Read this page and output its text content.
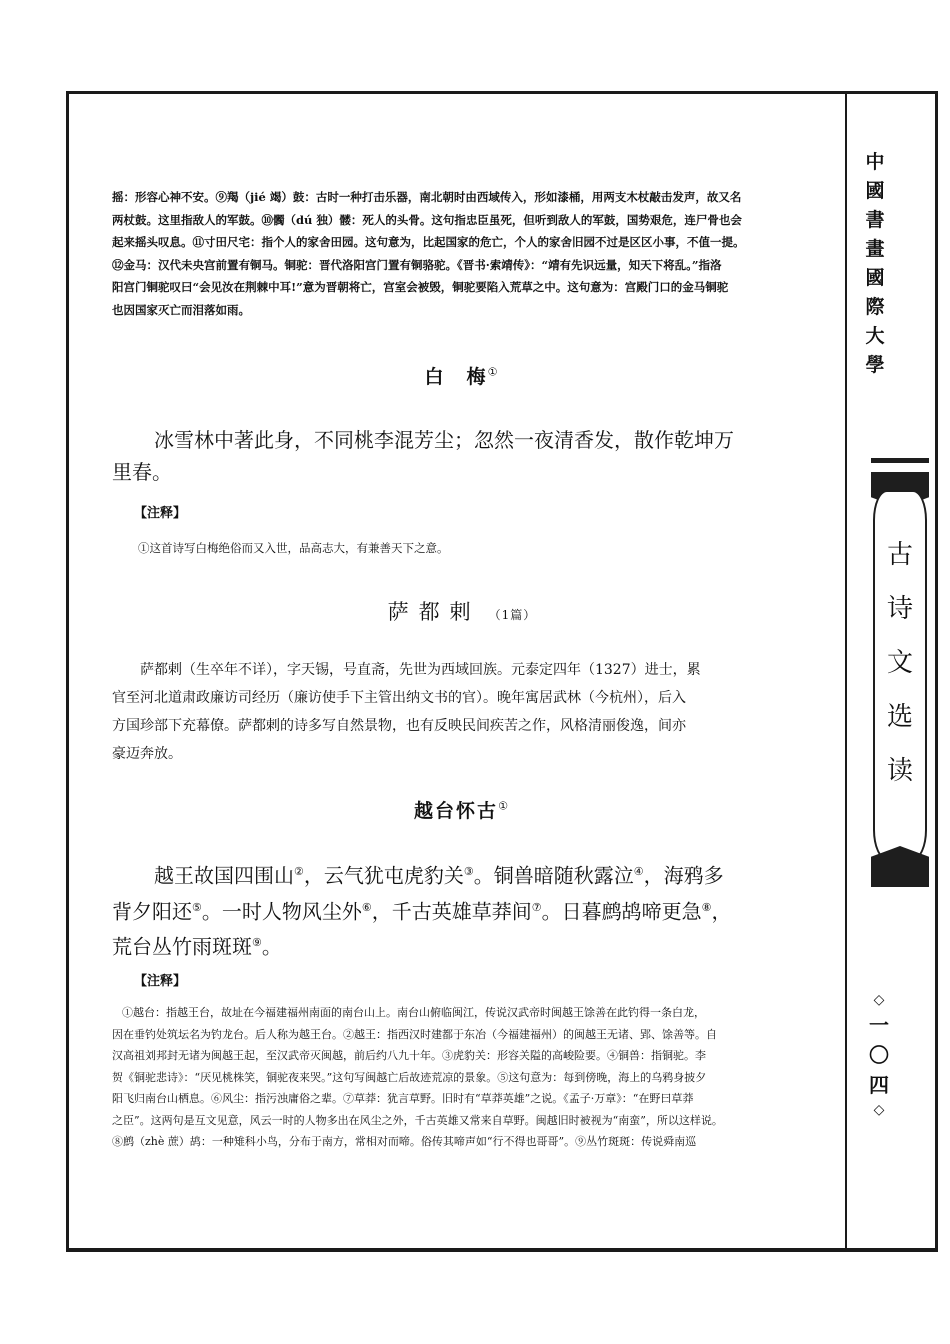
摇：形容心神不安。⑨羯（jié 竭）鼓：古时一种打击乐器，南北朝时由西域传入，形如漆桶，用两支木杖敲击发声，故又名

两杖鼓。这里指敌人的军鼓。⑩髑（dú 独）髅：死人的头骨。这句指忠臣虽死，但听到敌人的军鼓，国势艰危，连尸骨也会

起来摇头叹息。⑪寸田尺宅：指个人的家舍田园。这句意为，比起国家的危亡，个人的家舍旧园不过是区区小事，不值一提。

⑫金马：汉代未央宫前置有铜马。铜驼：晋代洛阳宫门置有铜骆驼。《晋书·索靖传》：“靖有先识远量，知天下将乱。”指洛

阳宫门铜驼叹曰“会见汝在荆棘中耳!”意为晋朝将亡，宫室会被毁，铜驼要陷入荒草之中。这句意为：宫殿门口的金马铜驼

也因国家灭亡而泪落如雨。

白　梅①
冰雪林中著此身，不同桃李混芳尘；忽然一夜清香发，散作乾坤万
里春。
【注释】
①这首诗写白梅绝俗而又入世，品高志大，有兼善天下之意。
萨都剌 （1篇）

萨都剌（生卒年不详），字天锡，号直斋，先世为西域回族。元泰定四年（1327）进士，累

官至河北道肃政廉访司经历（廉访使手下主管出纳文书的官）。晚年寓居武林（今杭州），后入

方国珍部下充幕僚。萨都剌的诗多写自然景物，也有反映民间疾苦之作，风格清丽俊逸，间亦

豪迈奔放。

越台怀古①
越王故国四围山②，云气犹屯虎豹关③。铜兽暗随秋露泣④，海鸦多
背夕阳还⑤。一时人物风尘外⑥，千古英雄草莽间⑦。日暮鹧鸪啼更急⑧，
荒台丛竹雨斑斑⑨。
【注释】

①越台：指越王台，故址在今福建福州南面的南台山上。南台山俯临闽江，传说汉武帝时闽越王馀善在此钓得一条白龙，

因在垂钓处筑坛名为钓龙台。后人称为越王台。②越王：指西汉时建都于东冶（今福建福州）的闽越王无诸、郢、馀善等。自

汉高祖刘邦封无诸为闽越王起，至汉武帝灭闽越，前后约八九十年。③虎豹关：形容关隘的高峻险要。④铜兽：指铜驼。李

贺《铜驼悲诗》：“厌见桃株笑，铜驼夜来哭。”这句写闽越亡后故迹荒凉的景象。⑤这句意为：每到傍晚，海上的乌鸦身披夕

阳飞归南台山栖息。⑥风尘：指污浊庸俗之辈。⑦草莽：犹言草野。旧时有“草莽英雄”之说。《孟子·万章》：“在野曰草莽

之臣”。这两句是互文见意，风云一时的人物多出在风尘之外，千古英雄又常来自草野。闽越旧时被视为“南蛮”，所以这样说。

⑧鹧（zhè 蔗）鸪：一种雉科小鸟，分布于南方，常相对而啼。俗传其啼声如“行不得也哥哥”。⑨丛竹斑斑：传说舜南巡

中
國
書
畫
國
際
大
學
古
诗
文
选
读
◇
一
〇
四
◇
